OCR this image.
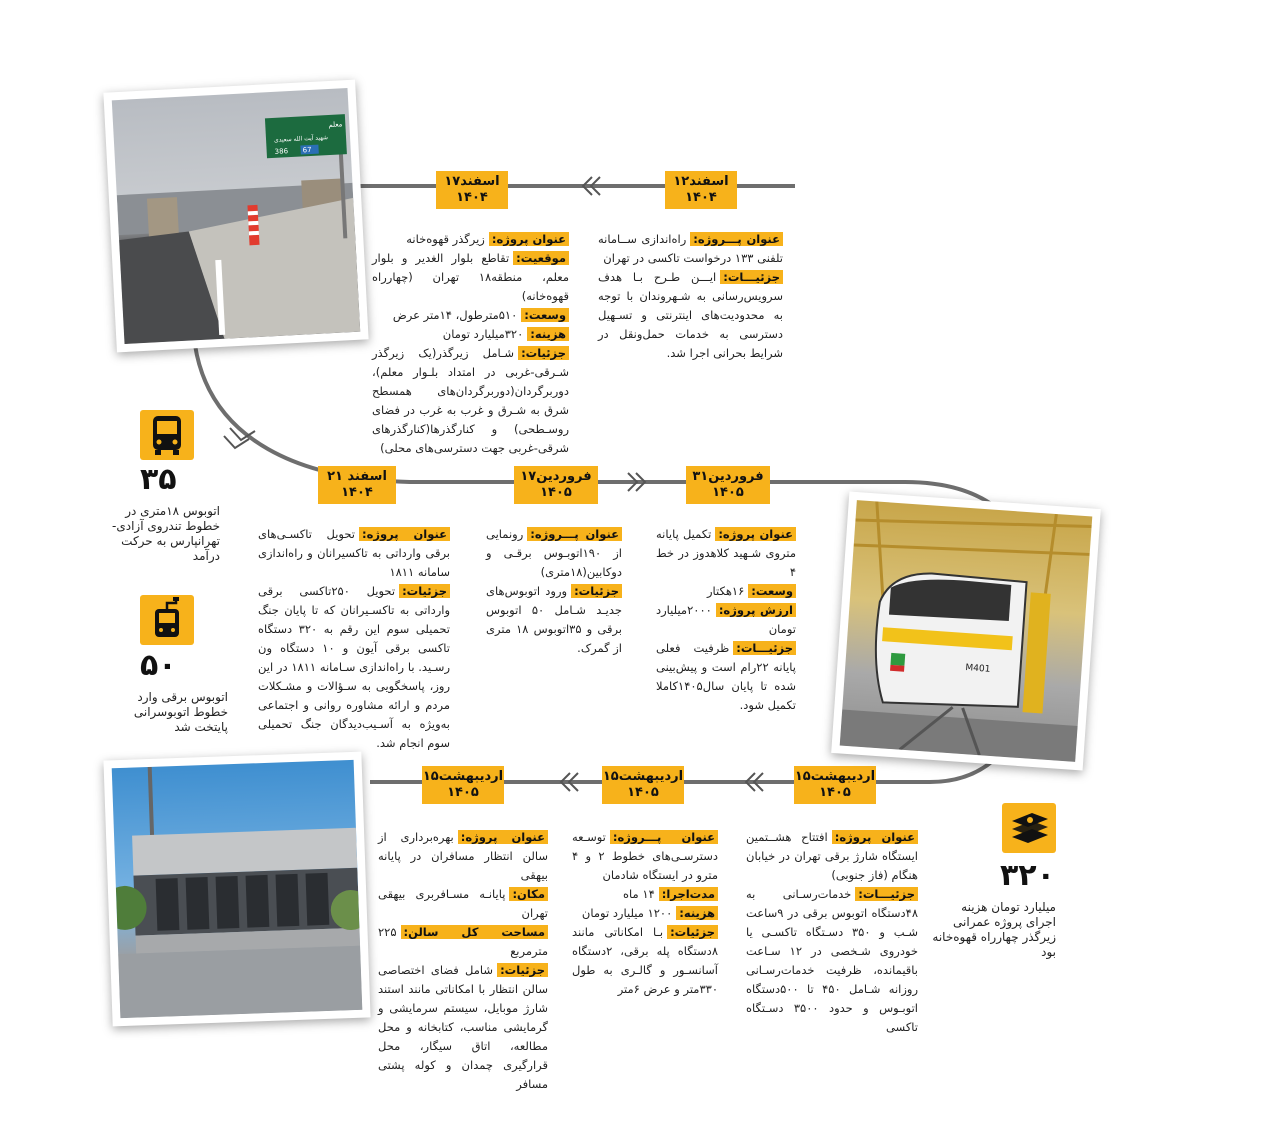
۱۲اسفند
۱۴۰۴
۱۷اسفند
۱۴۰۴
۲۱ اسفند
۱۴۰۴
۱۷فروردین
۱۴۰۵
۳۱فروردین
۱۴۰۵
۱۵اردیبهشت
۱۴۰۵
۱۵اردیبهشت
۱۴۰۵
۱۵اردیبهشت
۱۴۰۵
عنوان پـــروژه:راه‌اندازی ســامانه تلفنی ۱۳۳ درخواست تاکسی در تهران
جزئیـــات:ایـــن طـرح بـا هدف سرویس‌رسانی به شـهروندان با توجه به محدودیت‌های اینترنتی و تسـهیل دسترسی به خدمات حمل‌ونقل در شرایط بحرانی اجرا شد.
عنوان پروژه:زیرگذر قهوه‌خانه
موقعیت:تقاطع بلوار الغدیر و بلوار معلم، منطقه۱۸ تهران (چهارراه قهوه‌خانه)
وسعت:۵۱۰مترطول، ۱۴متر عرض
هزینه:۳۲۰میلیارد تومان
جزئیات:شـامل زیرگذر(یک زیرگذر شـرقی-غربی در امتداد بلـوار معلم)، دوربرگردان(دوربرگردان‌های همسطح شرق به شـرق و غرب به غرب در فضای روسـطحی) و کنارگذرها(کنارگذرهای شرقی-غربی جهت دسترسی‌های محلی)
عنوان پروژه:تحویل تاکسـی‌های برقی وارداتی به تاکسیرانان و راه‌اندازی سامانه ۱۸۱۱
جزئیات:تحویل ۲۵۰تاکسی برقی وارداتی به تاکسـیرانان که تا پایان جنگ تحمیلی سوم این رقم به ۳۲۰ دستگاه تاکسی برقی آیون و ۱۰ دستگاه ون رسـید. با راه‌اندازی سـامانه ۱۸۱۱ در این روز، پاسخگویی به سـؤالات و مشـکلات مردم و ارائه مشاوره روانی و اجتماعی به‌ویژه به آسـیب‌دیدگان جنگ تحمیلی سوم انجام شد.
عنوان پـــروژه:رونمایی از ۱۹۰اتوبـوس برقـی و دوکابین(۱۸متری)
جزئیات:ورود اتوبوس‌های جدیـد شـامل ۵۰ اتوبوس برقی و ۳۵اتوبوس ۱۸ متری از گمرک.
عنوان پروژه:تکمیل پایانه متروی شـهید کلاهدوز در خط ۴
وسعت:۱۶هکتار
ارزش پروژه:۲۰۰۰میلیارد تومان
جزئیـــات:ظرفیت فعلی پایانه ۲۲رام است و پیش‌بینی شده تا پایان سال۱۴۰۵کاملا تکمیل شود.
عنوان پروژه:افتتاح هشــتمین ایستگاه شارژ برقی تهران در خیابان هنگام (فاز جنوبی)
جزئیـــات:خدمات‌رسـانی به ۴۸دستگاه اتوبوس برقی در ۹ساعت شـب و ۳۵۰ دسـتگاه تاکسـی یا خودروی شـخصی در ۱۲ سـاعت باقیمانده، ظرفیت خدمات‌رسـانی روزانه شـامل ۴۵۰ تا ۵۰۰دستگاه اتوبـوس و حدود ۳۵۰۰ دسـتگاه تاکسی
عنوان پـــروژه:توسـعه دسترسـی‌های خطوط ۲ و ۴ مترو در ایستگاه شادمان
مدت‌اجرا:۱۴ ماه
هزینه:۱۲۰۰ میلیارد تومان
جزئیات:بـا امکاناتی مانند ۸دستگاه پله برقی، ۲دستگاه آسانسـور و گالـری به طول ۳۳۰متر و عرض ۶متر
عنوان پروژه:بهره‌برداری از سالن انتظار مسافران در پایانه بیهقی
مکان:پایانـه مسـافربری بیهقی تهران
مساحت کل سالن:۲۲۵ مترمربع
جزئیات:شامل فضای اختصاصی سالن انتظار با امکاناتی مانند استند شارژ موبایل، سیستم سرمایشی و گرمایشی مناسب، کتابخانه و محل مطالعه، اتاق سیگار، محل قرارگیری چمدان و کوله پشتی مسافر
معلم
شهید آیت الله سعیدی
386 67
M401
۳۵
اتوبوس ۱۸متری در خطوط تندروی آزادی- تهرانپارس به حرکت درآمد
۵۰
اتوبوس برقی وارد خطوط اتوبوسرانی پایتخت شد
۳۲۰
میلیارد تومان هزینه اجرای پروژه عمرانی زیرگذر چهارراه قهوه‌خانه بود
